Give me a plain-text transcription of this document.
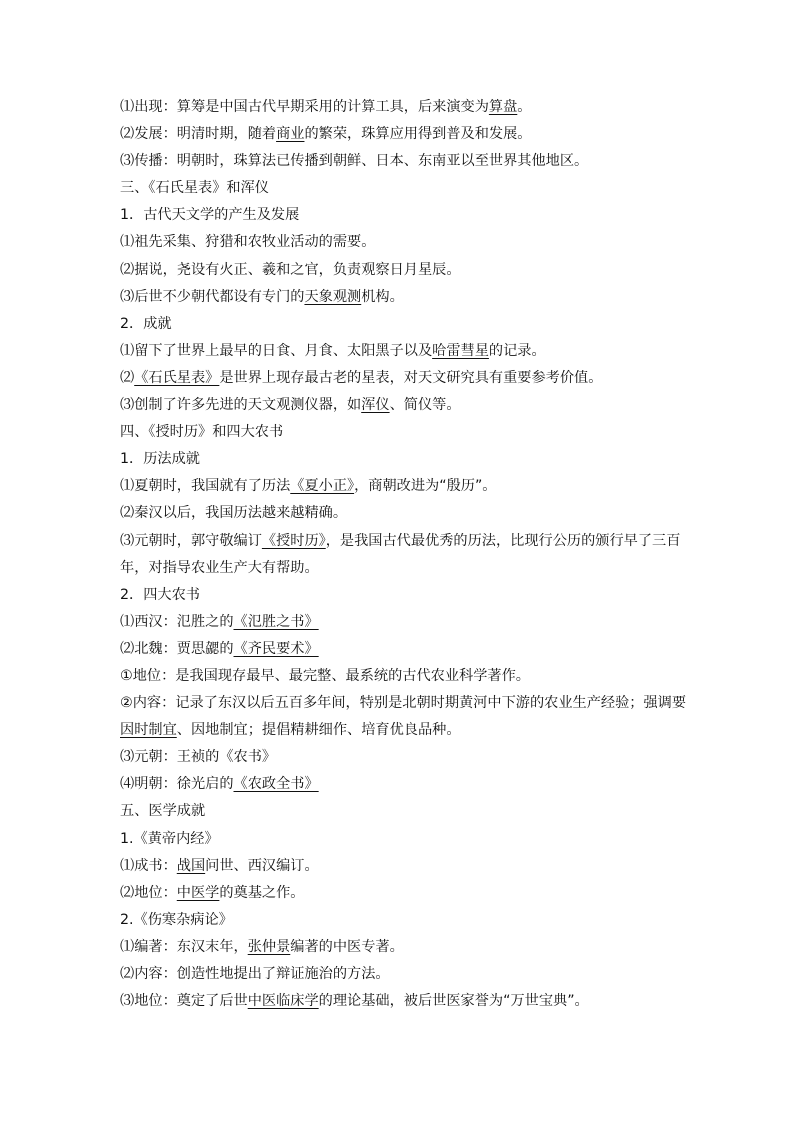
⑴出现：算筹是中国古代早期采用的计算工具，后来演变为算盘。
⑵发展：明清时期，随着商业的繁荣，珠算应用得到普及和发展。
⑶传播：明朝时，珠算法已传播到朝鲜、日本、东南亚以至世界其他地区。
三、《石氏星表》和浑仪
1．古代天文学的产生及发展
⑴祖先采集、狩猎和农牧业活动的需要。
⑵据说，尧设有火正、羲和之官，负责观察日月星辰。
⑶后世不少朝代都设有专门的天象观测机构。
2．成就
⑴留下了世界上最早的日食、月食、太阳黑子以及哈雷彗星的记录。
⑵《石氏星表》是世界上现存最古老的星表，对天文研究具有重要参考价值。
⑶创制了许多先进的天文观测仪器，如浑仪、简仪等。
四、《授时历》和四大农书
1．历法成就
⑴夏朝时，我国就有了历法《夏小正》，商朝改进为“殷历”。
⑵秦汉以后，我国历法越来越精确。
⑶元朝时，郭守敬编订《授时历》，是我国古代最优秀的历法，比现行公历的颁行早了三百
年，对指导农业生产大有帮助。
2．四大农书
⑴西汉：氾胜之的《氾胜之书》
⑵北魏：贾思勰的《齐民要术》
①地位：是我国现存最早、最完整、最系统的古代农业科学著作。
②内容：记录了东汉以后五百多年间，特别是北朝时期黄河中下游的农业生产经验；强调要
因时制宜、因地制宜；提倡精耕细作、培育优良品种。
⑶元朝：王祯的《农书》
⑷明朝：徐光启的《农政全书》
五、医学成就
1.《黄帝内经》
⑴成书：战国问世、西汉编订。
⑵地位：中医学的奠基之作。
2.《伤寒杂病论》
⑴编著：东汉末年，张仲景编著的中医专著。
⑵内容：创造性地提出了辩证施治的方法。
⑶地位：奠定了后世中医临床学的理论基础，被后世医家誉为“万世宝典”。
